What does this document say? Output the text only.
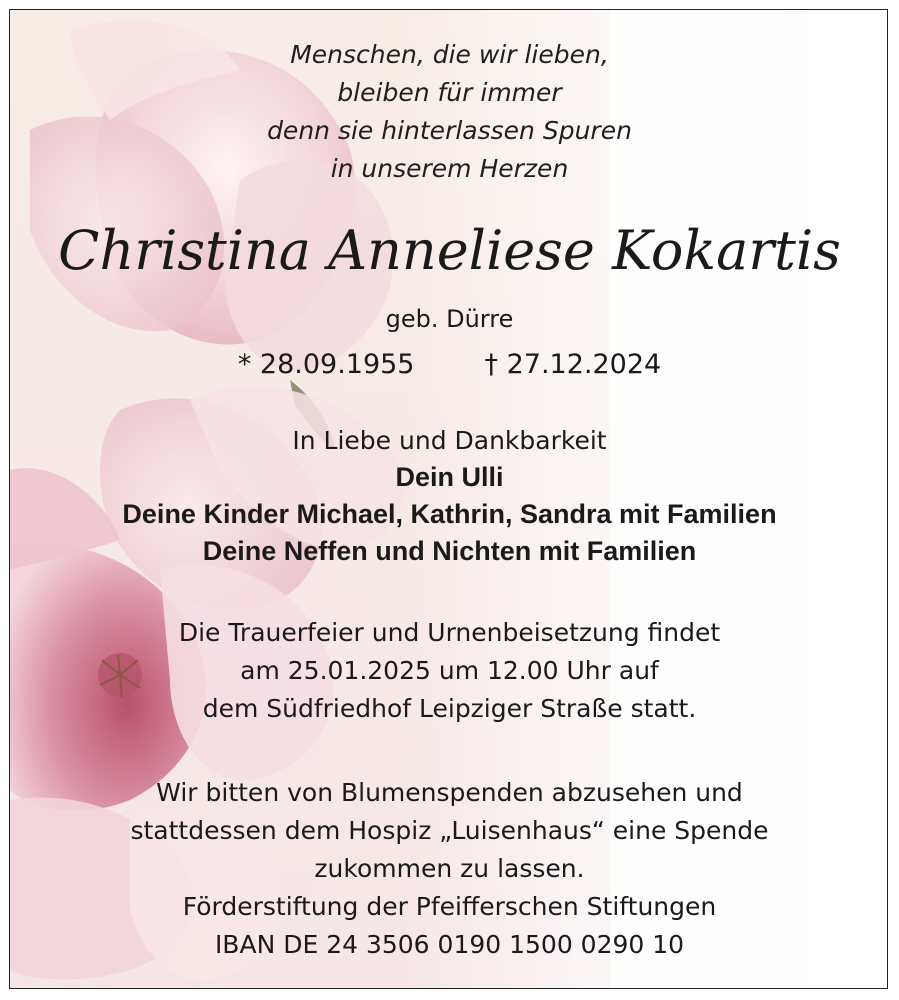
Menschen, die wir lieben,
bleiben für immer
denn sie hinterlassen Spuren
in unserem Herzen
Christina Anneliese Kokartis
geb. Dürre
* 28.09.1955	† 27.12.2024
In Liebe und Dankbarkeit
Dein Ulli
Deine Kinder Michael, Kathrin, Sandra mit Familien
Deine Neffen und Nichten mit Familien
Die Trauerfeier und Urnenbeisetzung findet
am 25.01.2025 um 12.00 Uhr auf
dem Südfriedhof Leipziger Straße statt.
Wir bitten von Blumenspenden abzusehen und
stattdessen dem Hospiz „Luisenhaus“ eine Spende
zukommen zu lassen.
Förderstiftung der Pfeifferschen Stiftungen
IBAN DE 24 3506 0190 1500 0290 10
